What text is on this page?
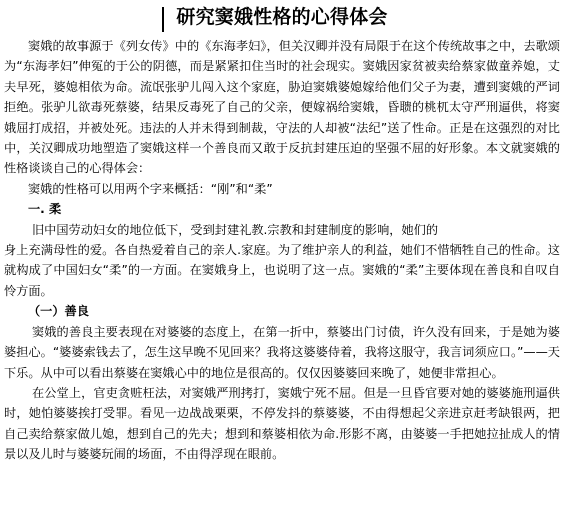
研究窦娥性格的心得体会

窦娥的故事源于《列女传》中的《东海孝妇》，但关汉卿并没有局限于在这个传统故事之中，去歌颂为“东海孝妇”伸冤的于公的阴德，而是紧紧扣住当时的社会现实。窦娥因家贫被卖给蔡家做童养媳，丈夫早死，婆媳相依为命。流氓张驴儿闯入这个家庭，胁迫窦娥婆媳嫁给他们父子为妻，遭到窦娥的严词拒绝。张驴儿欲毒死蔡婆，结果反毒死了自己的父亲，便嫁祸给窦娥，昏聩的桃杌太守严刑逼供，将窦娥屈打成招，并被处死。违法的人并未得到制裁，守法的人却被“法纪”送了性命。正是在这强烈的对比中，关汉卿成功地塑造了窦娥这样一个善良而又敢于反抗封建压迫的坚强不屈的好形象。本文就窦娥的性格谈谈自己的心得体会：

窦娥的性格可以用两个字来概括：“刚”和“柔”

一. 柔

旧中国劳动妇女的地位低下，受到封建礼教.宗教和封建制度的影响，她们的
身上充满母性的爱。各自热爱着自己的亲人.家庭。为了维护亲人的利益，她们不惜牺牲自己的性命。这就构成了中国妇女“柔”的一方面。在窦娥身上，也说明了这一点。窦娥的“柔”主要体现在善良和自叹自怜方面。

（一）善良

窦娥的善良主要表现在对婆婆的态度上，在第一折中，蔡婆出门讨债，许久没有回来，于是她为婆婆担心。“婆婆索钱去了，怎生这早晚不见回来？我将这婆婆侍着，我将这服守，我言词须应口。”——天下乐。从中可以看出蔡婆在窦娥心中的地位是很高的。仅仅因婆婆回来晚了，她便非常担心。

在公堂上，官吏贪赃枉法，对窦娥严刑拷打，窦娥宁死不屈。但是一旦昏官要对她的婆婆施刑逼供时，她怕婆婆挨打受罪。看见一边战战栗栗，不停发抖的蔡婆婆，不由得想起父亲进京赶考缺银两，把自己卖给蔡家做儿媳，想到自己的先夫；想到和蔡婆相依为命.形影不离，由婆婆一手把她拉扯成人的情景以及儿时与婆婆玩闹的场面，不由得浮现在眼前。
